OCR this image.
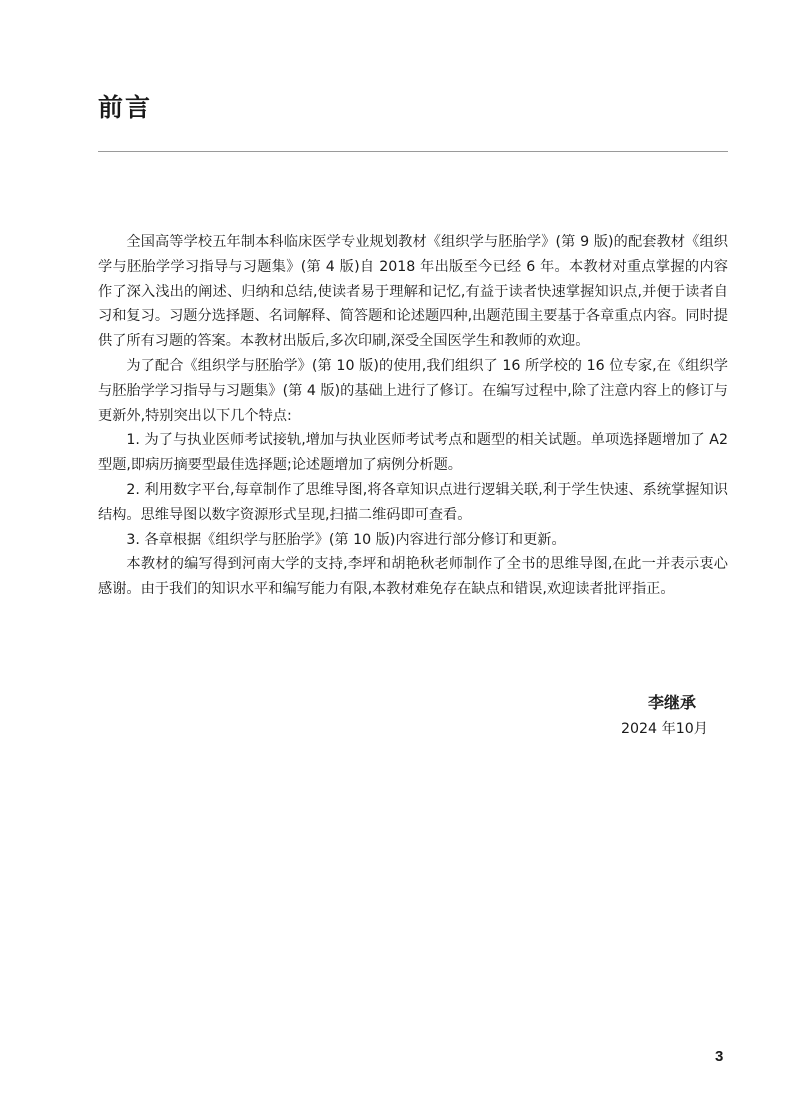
前言

全国高等学校五年制本科临床医学专业规划教材《组织学与胚胎学》(第 9 版)的配套教材《组织学与胚胎学学习指导与习题集》(第 4 版)自 2018 年出版至今已经 6 年。本教材对重点掌握的内容作了深入浅出的阐述、归纳和总结,使读者易于理解和记忆,有益于读者快速掌握知识点,并便于读者自习和复习。习题分选择题、名词解释、简答题和论述题四种,出题范围主要基于各章重点内容。同时提供了所有习题的答案。本教材出版后,多次印刷,深受全国医学生和教师的欢迎。

为了配合《组织学与胚胎学》(第 10 版)的使用,我们组织了 16 所学校的 16 位专家,在《组织学与胚胎学学习指导与习题集》(第 4 版)的基础上进行了修订。在编写过程中,除了注意内容上的修订与更新外,特别突出以下几个特点:

1. 为了与执业医师考试接轨,增加与执业医师考试考点和题型的相关试题。单项选择题增加了 A2 型题,即病历摘要型最佳选择题;论述题增加了病例分析题。

2. 利用数字平台,每章制作了思维导图,将各章知识点进行逻辑关联,利于学生快速、系统掌握知识结构。思维导图以数字资源形式呈现,扫描二维码即可查看。

3. 各章根据《组织学与胚胎学》(第 10 版)内容进行部分修订和更新。

本教材的编写得到河南大学的支持,李坪和胡艳秋老师制作了全书的思维导图,在此一并表示衷心感谢。由于我们的知识水平和编写能力有限,本教材难免存在缺点和错误,欢迎读者批评指正。

李继承
2024 年10月
3
